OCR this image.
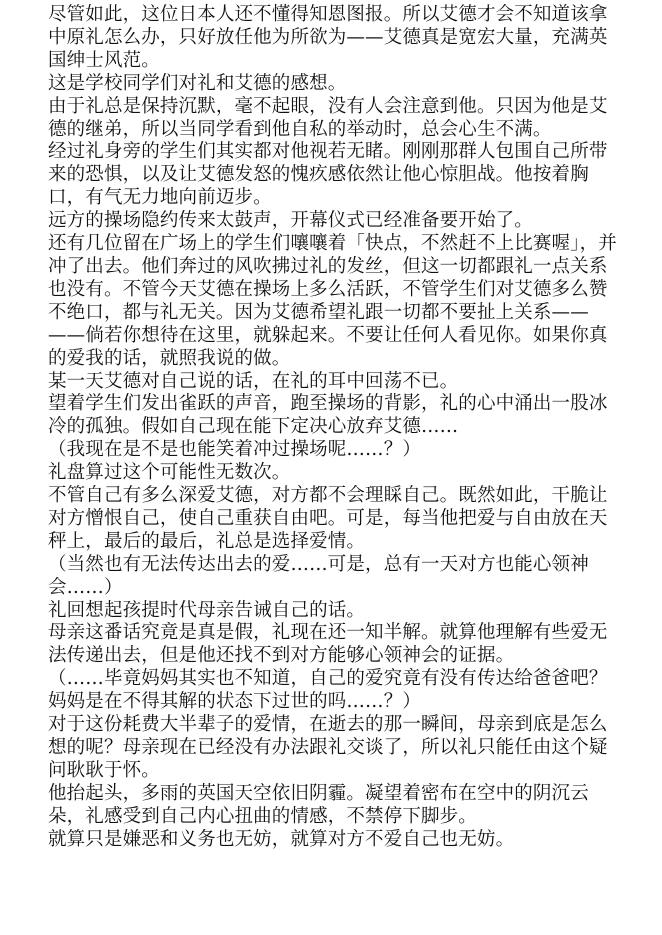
尽管如此，这位日本人还不懂得知恩图报。所以艾德才会不知道该拿中原礼怎么办，只好放任他为所欲为——艾德真是宽宏大量，充满英国绅士风范。

这是学校同学们对礼和艾德的感想。

由于礼总是保持沉默，毫不起眼，没有人会注意到他。只因为他是艾德的继弟，所以当同学看到他自私的举动时，总会心生不满。

经过礼身旁的学生们其实都对他视若无睹。刚刚那群人包围自己所带来的恐惧，以及让艾德发怒的愧疚感依然让他心惊胆战。他按着胸口，有气无力地向前迈步。

远方的操场隐约传来太鼓声，开幕仪式已经准备要开始了。

还有几位留在广场上的学生们嚷嚷着「快点，不然赶不上比赛喔」，并冲了出去。他们奔过的风吹拂过礼的发丝，但这一切都跟礼一点关系也没有。不管今天艾德在操场上多么活跃，不管学生们对艾德多么赞不绝口，都与礼无关。因为艾德希望礼跟一切都不要扯上关系——

——倘若你想待在这里，就躲起来。不要让任何人看见你。如果你真的爱我的话，就照我说的做。

某一天艾德对自己说的话，在礼的耳中回荡不已。

望着学生们发出雀跃的声音，跑至操场的背影，礼的心中涌出一股冰冷的孤独。假如自己现在能下定决心放弃艾德……

（我现在是不是也能笑着冲过操场呢……？）

礼盘算过这个可能性无数次。

不管自己有多么深爱艾德，对方都不会理睬自己。既然如此，干脆让对方憎恨自己，使自己重获自由吧。可是，每当他把爱与自由放在天秤上，最后的最后，礼总是选择爱情。

（当然也有无法传达出去的爱……可是，总有一天对方也能心领神会……）

礼回想起孩提时代母亲告诫自己的话。

母亲这番话究竟是真是假，礼现在还一知半解。就算他理解有些爱无法传递出去，但是他还找不到对方能够心领神会的证据。

（……毕竟妈妈其实也不知道，自己的爱究竟有没有传达给爸爸吧？妈妈是在不得其解的状态下过世的吗……？）

对于这份耗费大半辈子的爱情，在逝去的那一瞬间，母亲到底是怎么想的呢？母亲现在已经没有办法跟礼交谈了，所以礼只能任由这个疑问耿耿于怀。

他抬起头，多雨的英国天空依旧阴霾。凝望着密布在空中的阴沉云朵，礼感受到自己内心扭曲的情感，不禁停下脚步。

就算只是嫌恶和义务也无妨，就算对方不爱自己也无妨。
